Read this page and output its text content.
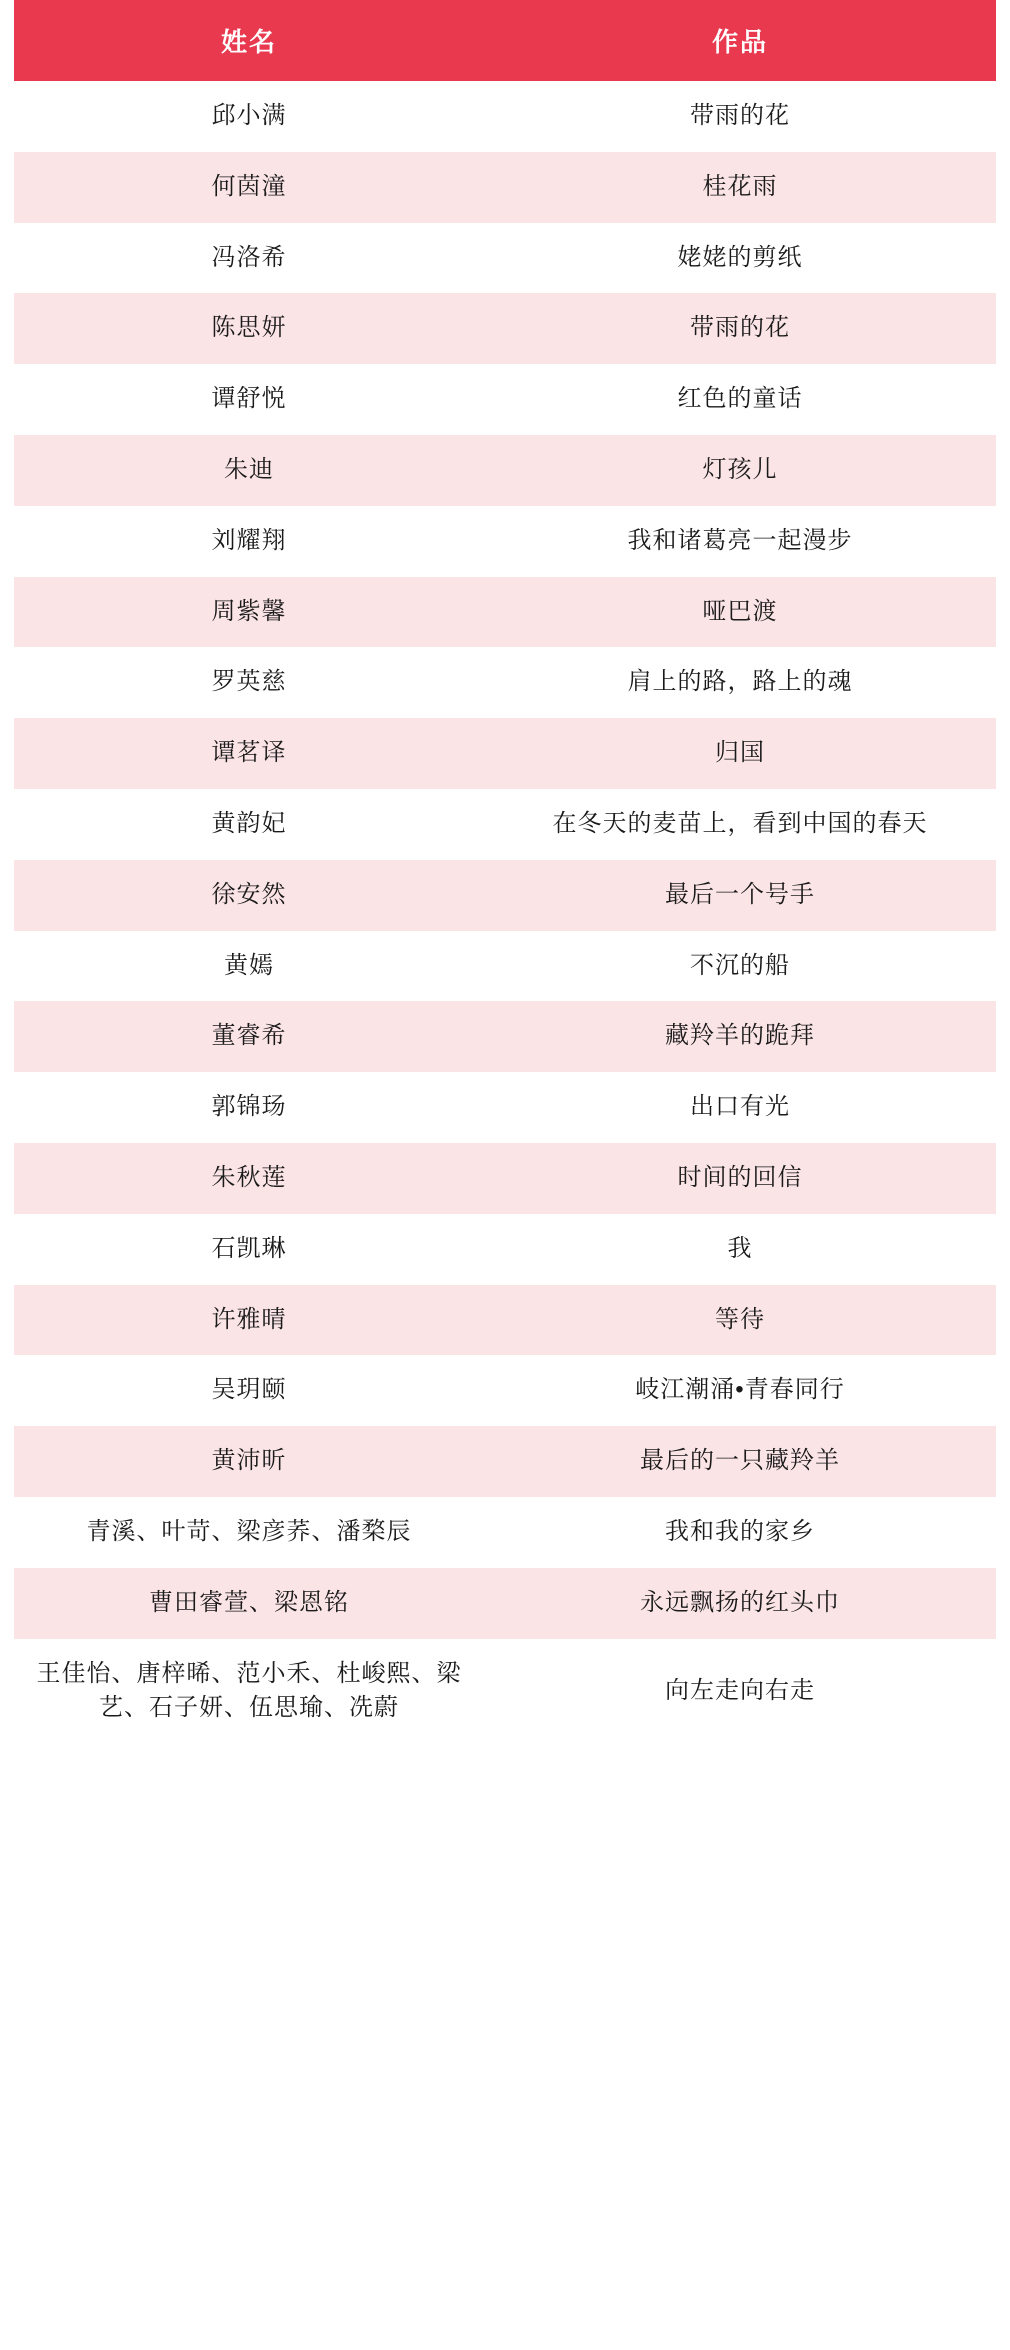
姓名	作品
邱小满	带雨的花
何茵潼	桂花雨
冯洛希	姥姥的剪纸
陈思妍	带雨的花
谭舒悦	红色的童话
朱迪	灯孩儿
刘耀翔	我和诸葛亮一起漫步
周紫馨	哑巴渡
罗英慈	肩上的路，路上的魂
谭茗译	归国
黄韵妃	在冬天的麦苗上，看到中国的春天
徐安然	最后一个号手
黄嫣	不沉的船
董睿希	藏羚羊的跪拜
郭锦玚	出口有光
朱秋莲	时间的回信
石凯琳	我
许雅晴	等待
吴玥颐	岐江潮涌•青春同行
黄沛昕	最后的一只藏羚羊
青溪、叶苛、梁彦荞、潘楘辰	我和我的家乡
曹田睿萱、梁恩铭	永远飘扬的红头巾
王佳怡、唐梓晞、范小禾、杜峻熙、梁艺、石子妍、伍思瑜、冼蔚	向左走向右走
